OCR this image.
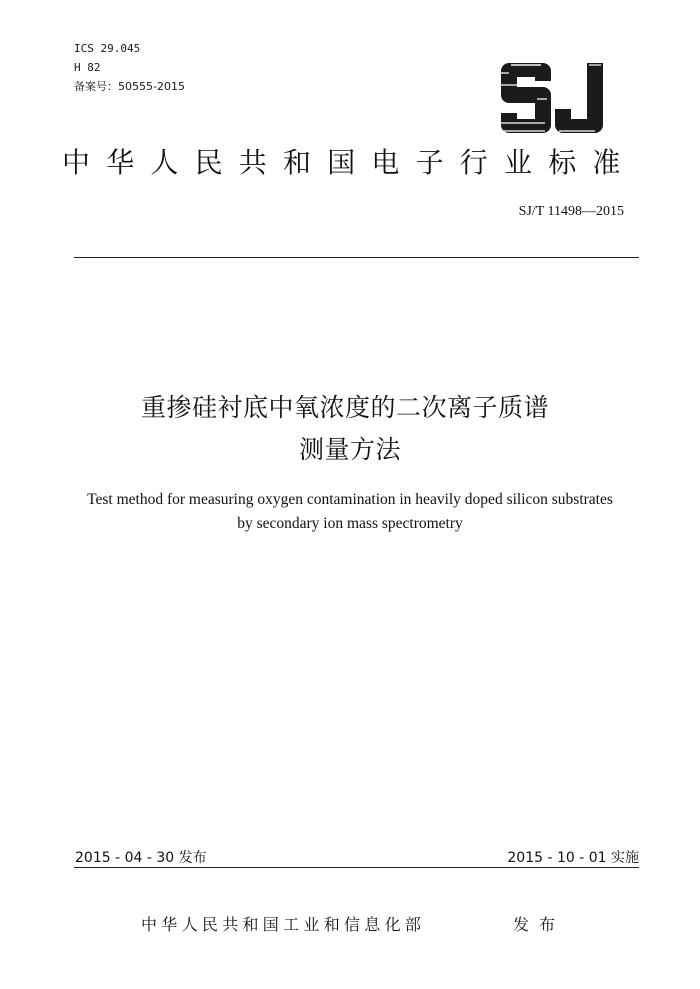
ICS 29.045
H 82
备案号：50555-2015
中华人民共和国电子行业标准
SJ/T 11498—2015
重掺硅衬底中氧浓度的二次离子质谱
测量方法
Test method for measuring oxygen contamination in heavily doped silicon substrates
by secondary ion mass spectrometry
2015 - 04 - 30 发布	2015 - 10 - 01 实施
中华人民共和国工业和信息化部	发布
